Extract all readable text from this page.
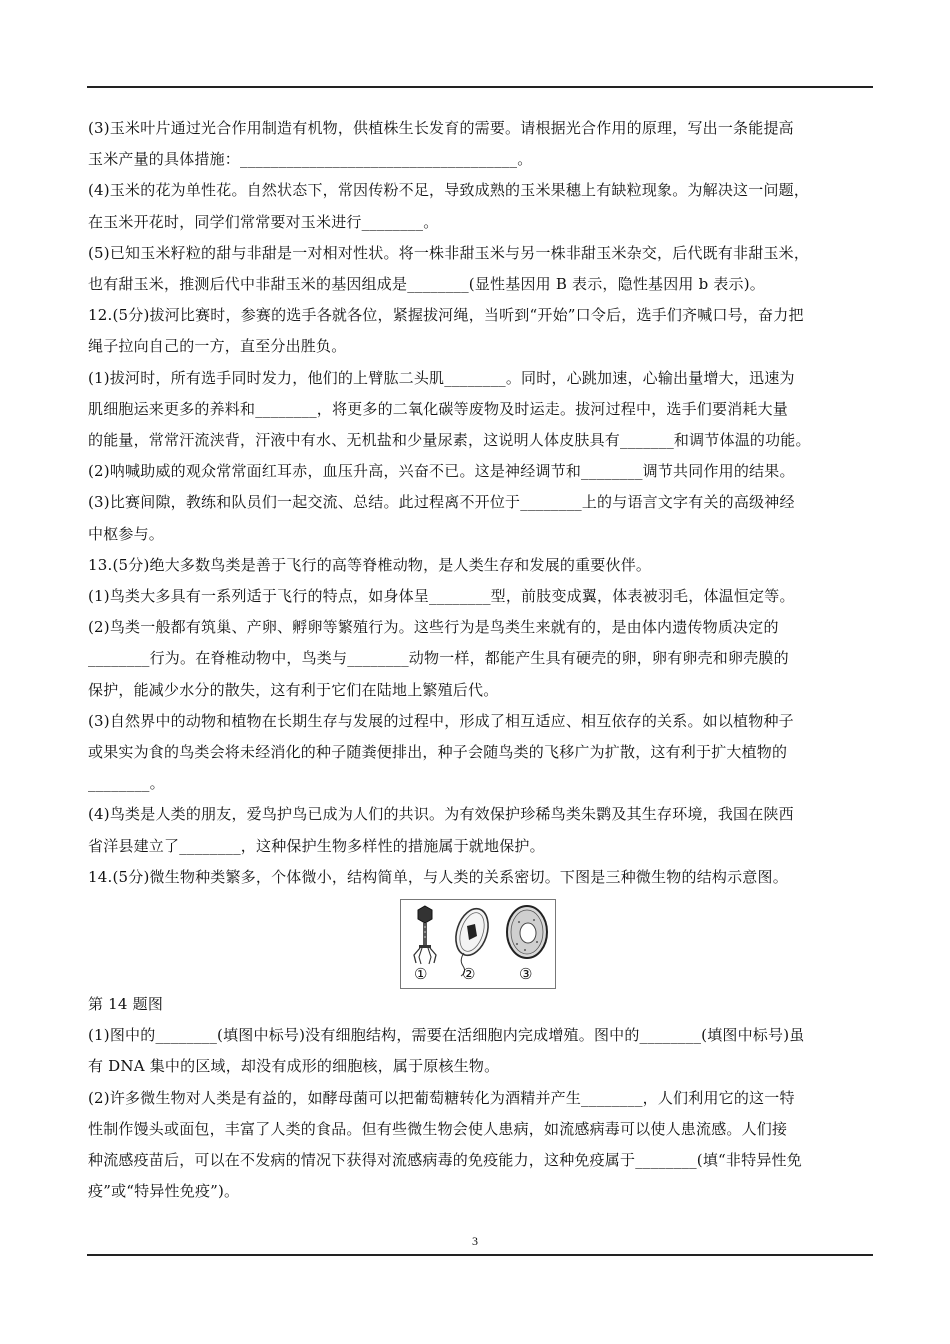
(3)玉米叶片通过光合作用制造有机物，供植株生长发育的需要。请根据光合作用的原理，写出一条能提高

玉米产量的具体措施：____________________________________。

(4)玉米的花为单性花。自然状态下，常因传粉不足，导致成熟的玉米果穗上有缺粒现象。为解决这一问题，

在玉米开花时，同学们常常要对玉米进行________。

(5)已知玉米籽粒的甜与非甜是一对相对性状。将一株非甜玉米与另一株非甜玉米杂交，后代既有非甜玉米，

也有甜玉米，推测后代中非甜玉米的基因组成是________(显性基因用 B 表示，隐性基因用 b 表示)。

12.(5分)拔河比赛时，参赛的选手各就各位，紧握拔河绳，当听到“开始”口令后，选手们齐喊口号，奋力把

绳子拉向自己的一方，直至分出胜负。

(1)拔河时，所有选手同时发力，他们的上臂肱二头肌________。同时，心跳加速，心输出量增大，迅速为

肌细胞运来更多的养料和________，将更多的二氧化碳等废物及时运走。拔河过程中，选手们要消耗大量

的能量，常常汗流浃背，汗液中有水、无机盐和少量尿素，这说明人体皮肤具有_______和调节体温的功能。

(2)呐喊助威的观众常常面红耳赤，血压升高，兴奋不已。这是神经调节和________调节共同作用的结果。

(3)比赛间隙，教练和队员们一起交流、总结。此过程离不开位于________上的与语言文字有关的高级神经

中枢参与。

13.(5分)绝大多数鸟类是善于飞行的高等脊椎动物，是人类生存和发展的重要伙伴。

(1)鸟类大多具有一系列适于飞行的特点，如身体呈________型，前肢变成翼，体表被羽毛，体温恒定等。

(2)鸟类一般都有筑巢、产卵、孵卵等繁殖行为。这些行为是鸟类生来就有的，是由体内遗传物质决定的

________行为。在脊椎动物中，鸟类与________动物一样，都能产生具有硬壳的卵，卵有卵壳和卵壳膜的

保护，能减少水分的散失，这有利于它们在陆地上繁殖后代。

(3)自然界中的动物和植物在长期生存与发展的过程中，形成了相互适应、相互依存的关系。如以植物种子

或果实为食的鸟类会将未经消化的种子随粪便排出，种子会随鸟类的飞移广为扩散，这有利于扩大植物的

________。

(4)鸟类是人类的朋友，爱鸟护鸟已成为人们的共识。为有效保护珍稀鸟类朱鹮及其生存环境，我国在陕西

省洋县建立了________，这种保护生物多样性的措施属于就地保护。

14.(5分)微生物种类繁多，个体微小，结构简单，与人类的关系密切。下图是三种微生物的结构示意图。

① ②	③

第 14 题图

(1)图中的________(填图中标号)没有细胞结构，需要在活细胞内完成增殖。图中的________(填图中标号)虽

有 DNA 集中的区域，却没有成形的细胞核，属于原核生物。

(2)许多微生物对人类是有益的，如酵母菌可以把葡萄糖转化为酒精并产生________，人们利用它的这一特

性制作馒头或面包，丰富了人类的食品。但有些微生物会使人患病，如流感病毒可以使人患流感。人们接

种流感疫苗后，可以在不发病的情况下获得对流感病毒的免疫能力，这种免疫属于________(填“非特异性免

疫”或“特异性免疫”)。

3
